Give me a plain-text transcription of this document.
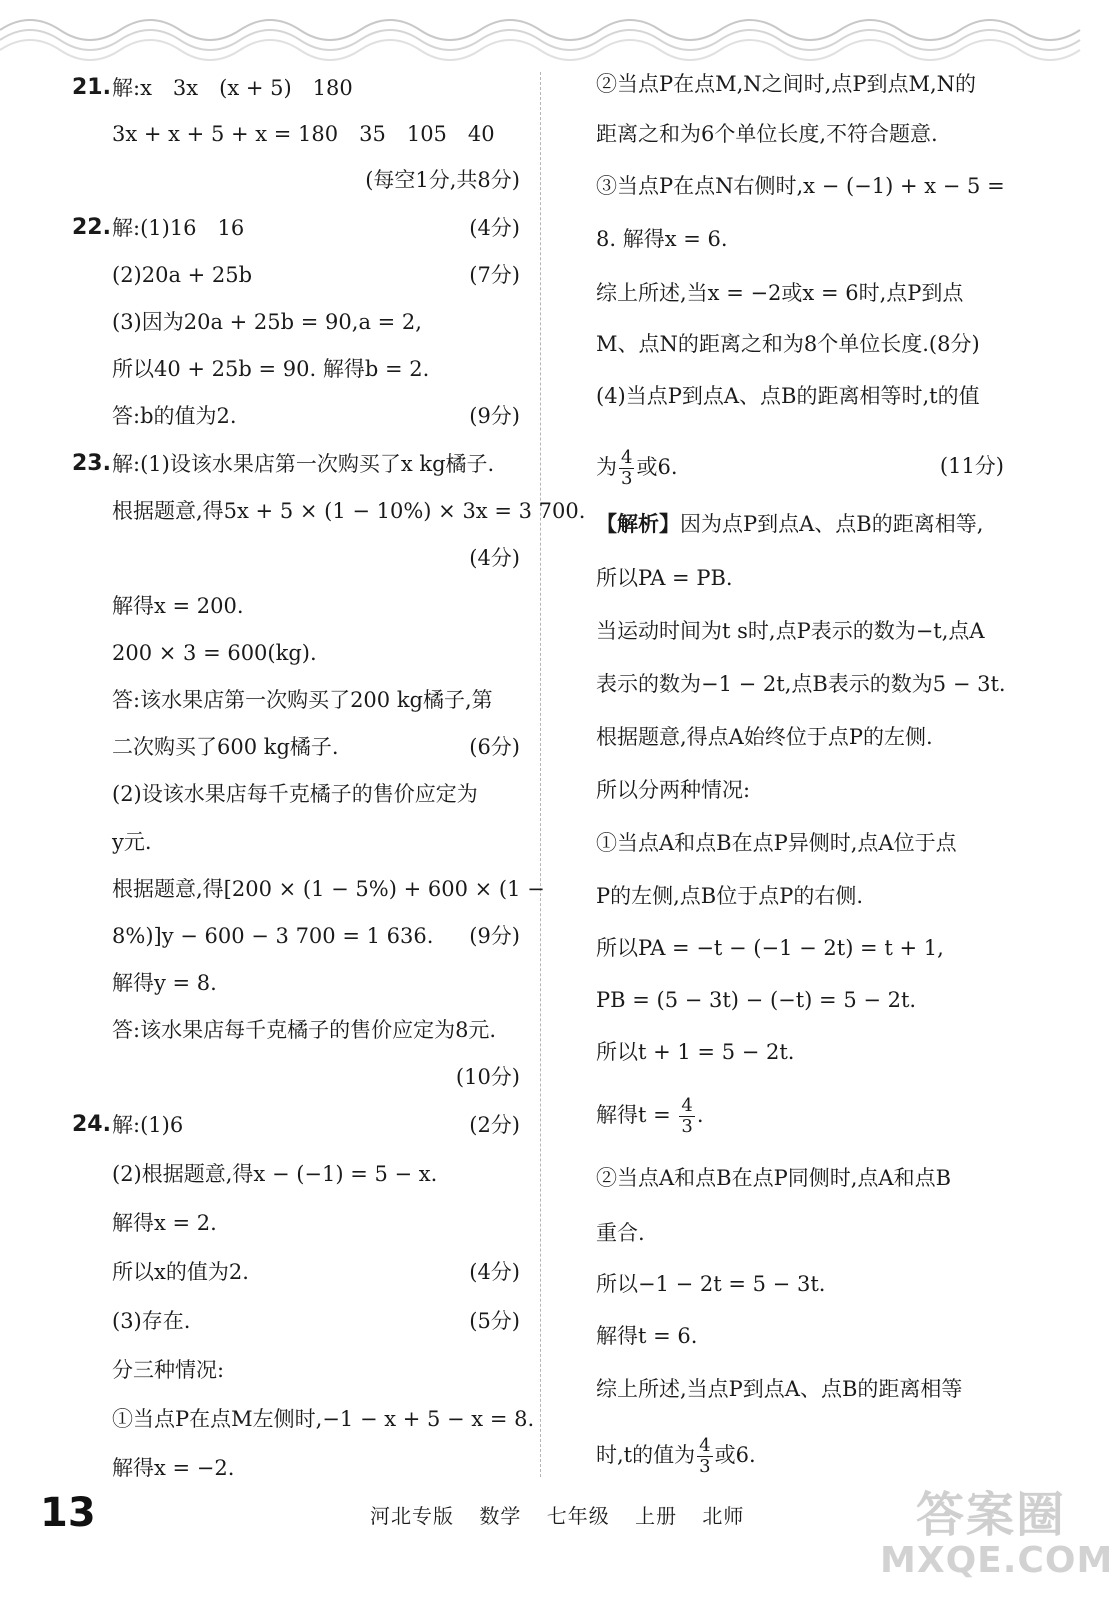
21. 解:x　3x　(x + 5)　180
3x + x + 5 + x = 180　35　105　40
(每空1分,共8分)
22. 解:(1)16　16	(4分)
(2)20a + 25b	(7分)
(3)因为20a + 25b = 90,a = 2,
所以40 + 25b = 90. 解得b = 2.
答:b的值为2.	(9分)
23. 解:(1)设该水果店第一次购买了x kg橘子.
根据题意,得5x + 5 × (1 − 10%) × 3x = 3 700.
(4分)
解得x = 200.
200 × 3 = 600(kg).
答:该水果店第一次购买了200 kg橘子,第
二次购买了600 kg橘子.	(6分)
(2)设该水果店每千克橘子的售价应定为
y元.
根据题意,得[200 × (1 − 5%) + 600 × (1 −
8%)]y − 600 − 3 700 = 1 636. (9分)
解得y = 8.
答:该水果店每千克橘子的售价应定为8元.
(10分)
24. 解:(1)6	(2分)
(2)根据题意,得x − (−1) = 5 − x.
解得x = 2.
所以x的值为2.	(4分)
(3)存在.	(5分)
分三种情况:
①当点P在点M左侧时,−1 − x + 5 − x = 8.
解得x = −2.
②当点P在点M,N之间时,点P到点M,N的
距离之和为6个单位长度,不符合题意.
③当点P在点N右侧时,x − (−1) + x − 5 =
8. 解得x = 6.
综上所述,当x = −2或x = 6时,点P到点
M、点N的距离之和为8个单位长度.(8分)
(4)当点P到点A、点B的距离相等时,t的值
为 $\frac{4}{3}$ 或6.	(11分)
【解析】因为点P到点A、点B的距离相等,
所以PA = PB.
当运动时间为t s时,点P表示的数为−t,点A
表示的数为−1 − 2t,点B表示的数为5 − 3t.
根据题意,得点A始终位于点P的左侧.
所以分两种情况:
①当点A和点B在点P异侧时,点A位于点
P的左侧,点B位于点P的右侧.
所以PA = −t − (−1 − 2t) = t + 1,
PB = (5 − 3t) − (−t) = 5 − 2t.
所以t + 1 = 5 − 2t.
解得$t = \frac{4}{3}$ .
②当点A和点B在点P同侧时,点A和点B
重合.
所以−1 − 2t = 5 − 3t.
解得t = 6.
综上所述,当点P到点A、点B的距离相等
时,t的值为 $\frac{4}{3}$ 或6.
13	河北专版 数学 七年级 上册 北师	答案圈
MXQE.COM
